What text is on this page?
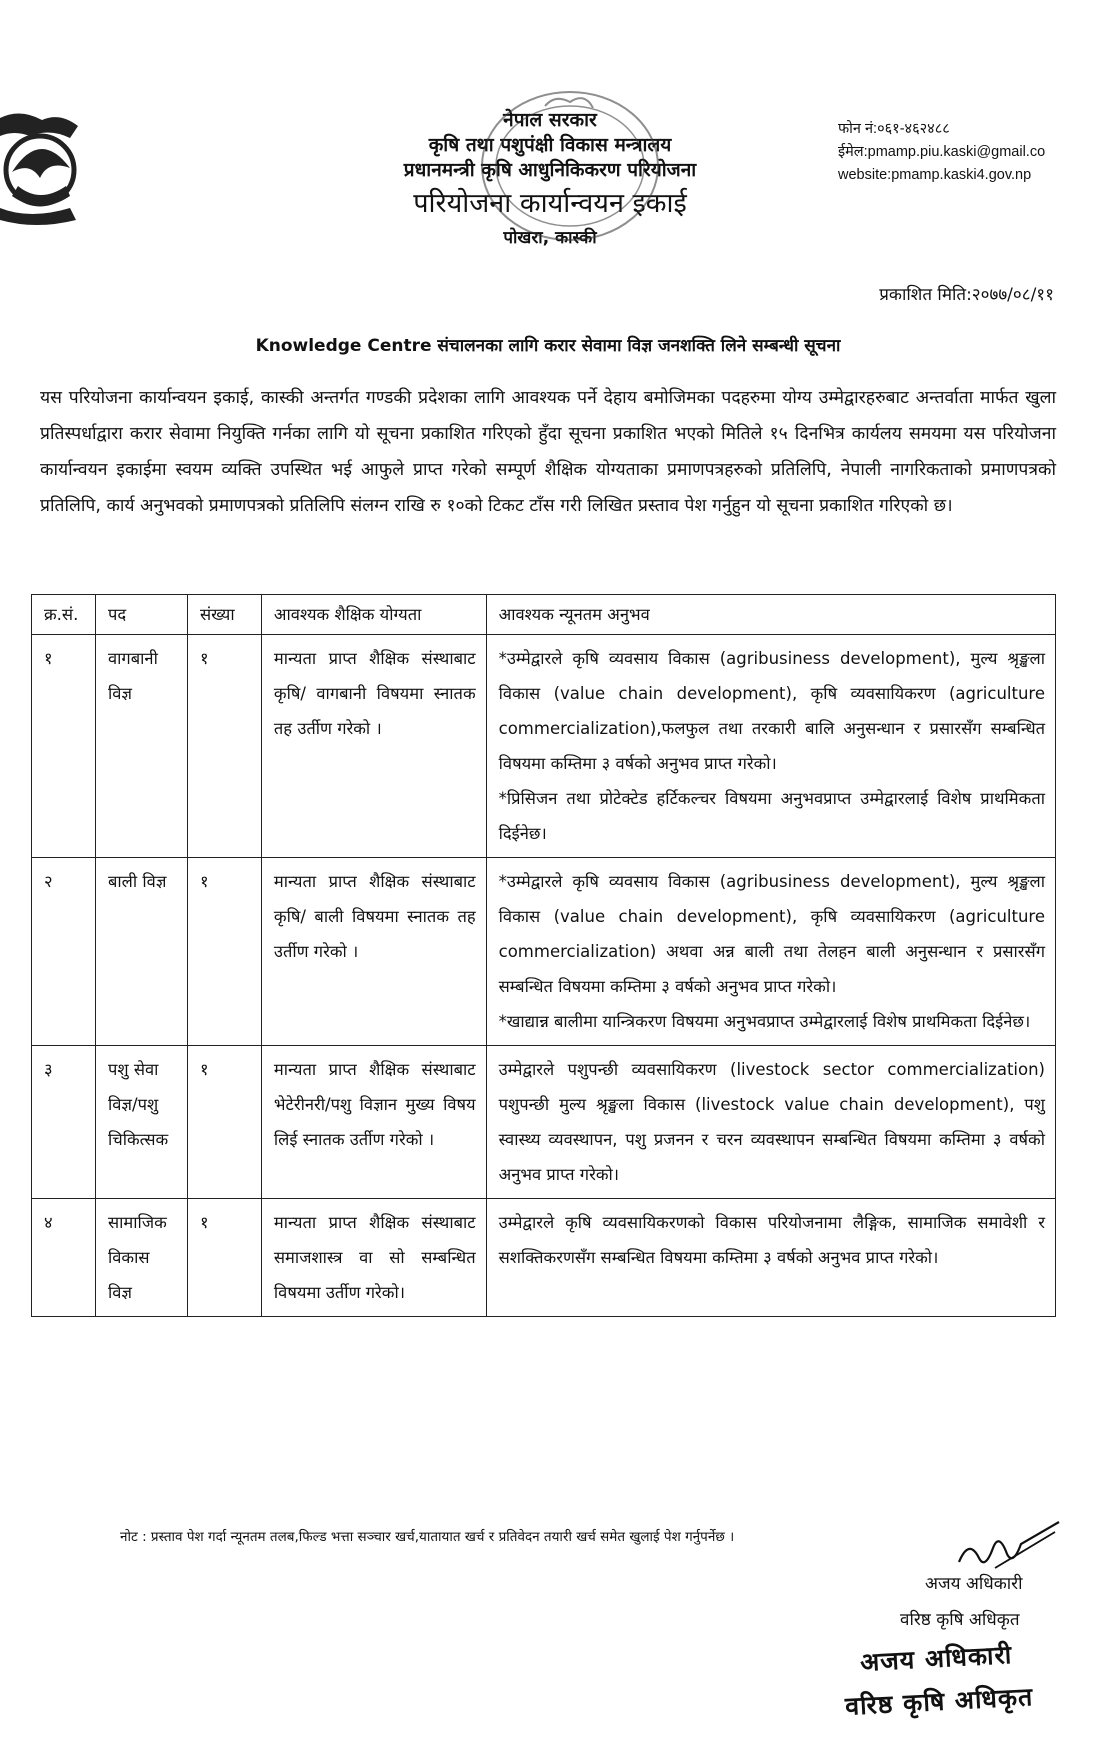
नेपाल सरकार

कृषि तथा पशुपंक्षी विकास मन्त्रालय

प्रधानमन्त्री कृषि आधुनिकिकरण परियोजना

परियोजना कार्यान्वयन इकाई

पोखरा, कास्की

फोन नं:०६१-४६२४८८
ईमेल:pmamp.piu.kaski@gmail.co
website:pmamp.kaski4.gov.np
प्रकाशित मिति:२०७७/०८/११
Knowledge Centre संचालनका लागि करार सेवामा विज्ञ जनशक्ति लिने सम्बन्धी सूचना
यस परियोजना कार्यान्वयन इकाई, कास्की अन्तर्गत गण्डकी प्रदेशका लागि आवश्यक पर्ने देहाय बमोजिमका पदहरुमा योग्य उम्मेद्वारहरुबाट अन्तर्वाता मार्फत खुला प्रतिस्पर्धाद्वारा करार सेवामा नियुक्ति गर्नका लागि यो सूचना प्रकाशित गरिएको हुँदा सूचना प्रकाशित भएको मितिले १५ दिनभित्र कार्यलय समयमा यस परियोजना कार्यान्वयन इकाईमा स्वयम व्यक्ति उपस्थित भई आफुले प्राप्त गरेको सम्पूर्ण शैक्षिक योग्यताका प्रमाणपत्रहरुको प्रतिलिपि, नेपाली नागरिकताको प्रमाणपत्रको प्रतिलिपि, कार्य अनुभवको प्रमाणपत्रको प्रतिलिपि संलग्न राखि रु १०को टिकट टाँस गरी लिखित प्रस्ताव पेश गर्नुहुन यो सूचना प्रकाशित गरिएको छ।
क्र.सं.	पद	संख्या	आवश्यक शैक्षिक योग्यता	आवश्यक न्यूनतम अनुभव
१	वागबानी विज्ञ	१	मान्यता प्राप्त शैक्षिक संस्थाबाट कृषि/ वागबानी विषयमा स्नातक तह उर्तीण गरेको ।	*उम्मेद्वारले कृषि व्यवसाय विकास (agribusiness development), मुल्य श्रृङ्खला विकास (value chain development), कृषि व्यवसायिकरण (agriculture commercialization),फलफुल तथा तरकारी बालि अनुसन्धान र प्रसारसँग सम्बन्धित विषयमा कम्तिमा ३ वर्षको अनुभव प्राप्त गरेको।
*प्रिसिजन तथा प्रोटेक्टेड हर्टिकल्चर विषयमा अनुभवप्राप्त उम्मेद्वारलाई विशेष प्राथमिकता दिईनेछ।

२	बाली विज्ञ	१	मान्यता प्राप्त शैक्षिक संस्थाबाट कृषि/ बाली विषयमा स्नातक तह उर्तीण गरेको ।	*उम्मेद्वारले कृषि व्यवसाय विकास (agribusiness development), मुल्य श्रृङ्खला विकास (value chain development), कृषि व्यवसायिकरण (agriculture commercialization) अथवा अन्न बाली तथा तेलहन बाली अनुसन्धान र प्रसारसँग सम्बन्धित विषयमा कम्तिमा ३ वर्षको अनुभव प्राप्त गरेको।
*खाद्यान्न बालीमा यान्त्रिकरण विषयमा अनुभवप्राप्त उम्मेद्वारलाई विशेष प्राथमिकता दिईनेछ।

३	पशु सेवा विज्ञ/पशु चिकित्सक	१	मान्यता प्राप्त शैक्षिक संस्थाबाट भेटेरीनरी/पशु विज्ञान मुख्य विषय लिई स्नातक उर्तीण गरेको ।	उम्मेद्वारले पशुपन्छी व्यवसायिकरण (livestock sector commercialization) पशुपन्छी मुल्य श्रृङ्खला विकास (livestock value chain development), पशु स्वास्थ्य व्यवस्थापन, पशु प्रजनन र चरन व्यवस्थापन सम्बन्धित विषयमा कम्तिमा ३ वर्षको अनुभव प्राप्त गरेको।

४	सामाजिक विकास विज्ञ	१	मान्यता प्राप्त शैक्षिक संस्थाबाट समाजशास्त्र वा सो सम्बन्धित विषयमा उर्तीण गरेको।	उम्मेद्वारले कृषि व्यवसायिकरणको विकास परियोजनामा लैङ्गिक, सामाजिक समावेशी र सशक्तिकरणसँग सम्बन्धित विषयमा कम्तिमा ३ वर्षको अनुभव प्राप्त गरेको।
नोट : प्रस्ताव पेश गर्दा न्यूनतम तलब,फिल्ड भत्ता सञ्चार खर्च,यातायात खर्च र प्रतिवेदन तयारी खर्च समेत खुलाई पेश गर्नुपर्नेछ ।
अजय अधिकारी
वरिष्ठ कृषि अधिकृत
अजय अधिकारी
वरिष्ठ कृषि अधिकृत
